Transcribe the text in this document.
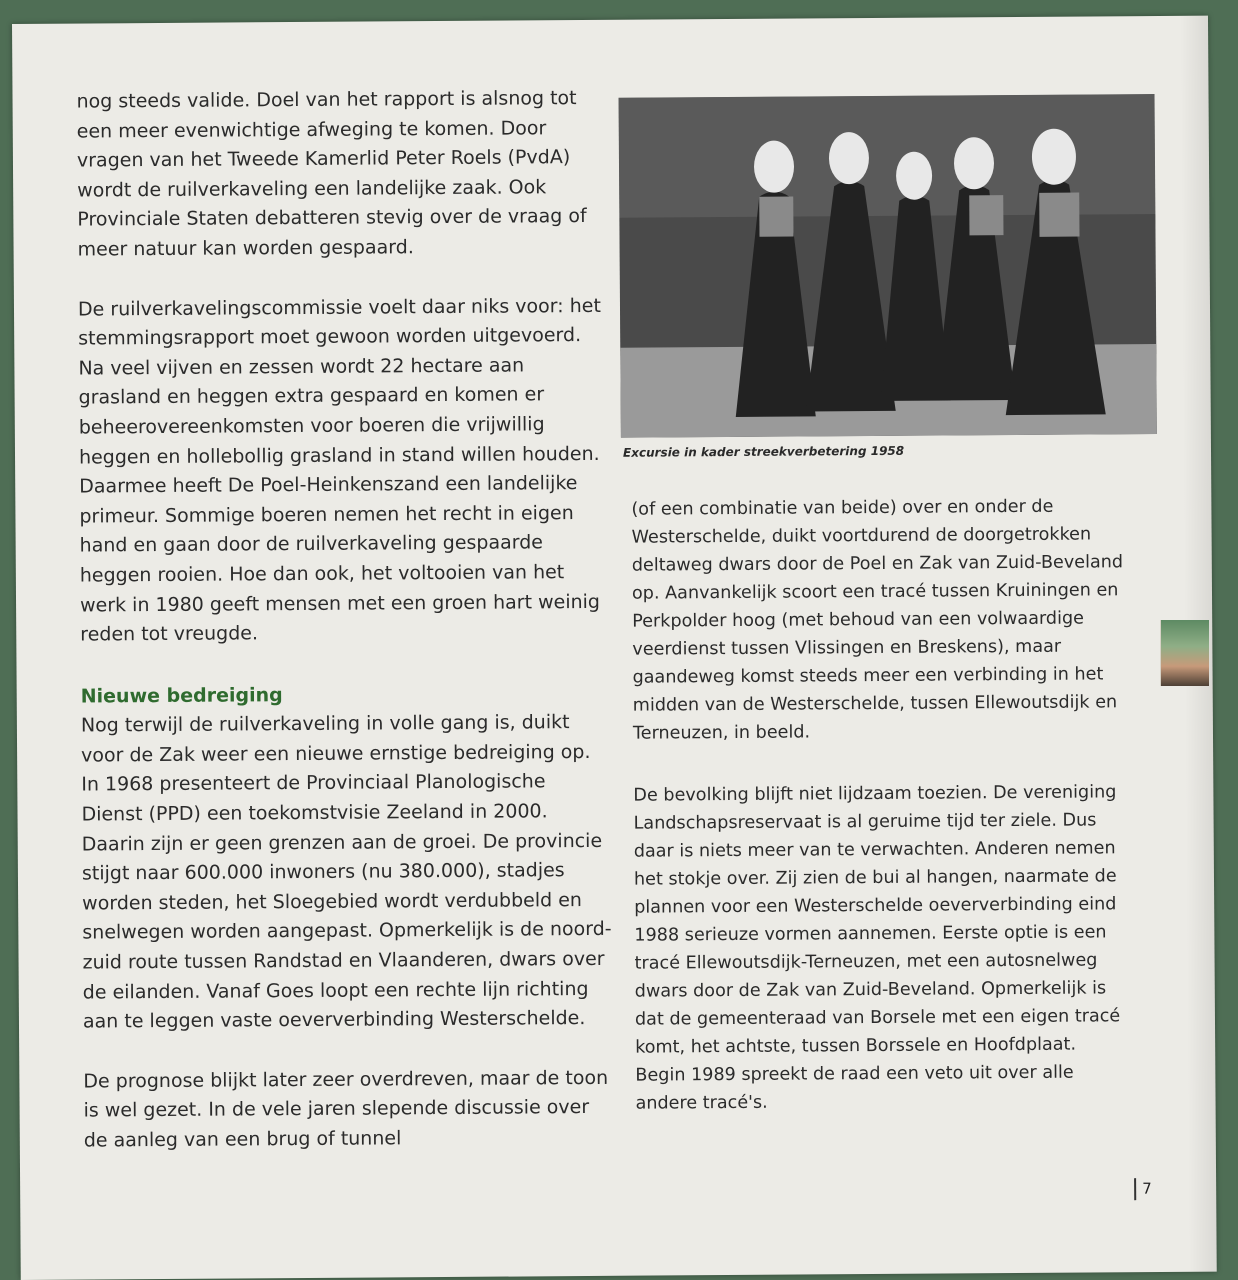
nog steeds valide. Doel van het rapport is alsnog tot een meer evenwichtige afweging te komen. Door vragen van het Tweede Kamerlid Peter Roels (PvdA) wordt de ruilverkaveling een landelijke zaak. Ook Provinciale Staten debatteren stevig over de vraag of meer natuur kan worden gespaard.

De ruilverkavelingscommissie voelt daar niks voor: het stemmingsrapport moet gewoon worden uitgevoerd. Na veel vijven en zessen wordt 22 hectare aan grasland en heggen extra gespaard en komen er beheerovereenkomsten voor boeren die vrijwillig heggen en hollebollig grasland in stand willen houden. Daarmee heeft De Poel-Heinkenszand een landelijke primeur. Sommige boeren nemen het recht in eigen hand en gaan door de ruilverkaveling gespaarde heggen rooien. Hoe dan ook, het voltooien van het werk in 1980 geeft mensen met een groen hart weinig reden tot vreugde.

Nieuwe bedreiging

Nog terwijl de ruilverkaveling in volle gang is, duikt voor de Zak weer een nieuwe ernstige bedreiging op. In 1968 presenteert de Provinciaal Planologische Dienst (PPD) een toekomstvisie Zeeland in 2000. Daarin zijn er geen grenzen aan de groei. De provincie stijgt naar 600.000 inwoners (nu 380.000), stadjes worden steden, het Sloegebied wordt verdubbeld en snelwegen worden aangepast. Opmerkelijk is de noord-zuid route tussen Randstad en Vlaanderen, dwars over de eilanden. Vanaf Goes loopt een rechte lijn richting aan te leggen vaste oeververbinding Westerschelde.

De prognose blijkt later zeer overdreven, maar de toon is wel gezet. In de vele jaren slepende discussie over de aanleg van een brug of tunnel

Excursie in kader streekverbetering 1958

(of een combinatie van beide) over en onder de Westerschelde, duikt voortdurend de doorgetrokken deltaweg dwars door de Poel en Zak van Zuid-Beveland op. Aanvankelijk scoort een tracé tussen Kruiningen en Perkpolder hoog (met behoud van een volwaardige veerdienst tussen Vlissingen en Breskens), maar gaandeweg komst steeds meer een verbinding in het midden van de Westerschelde, tussen Ellewoutsdijk en Terneuzen, in beeld.

De bevolking blijft niet lijdzaam toezien. De vereniging Landschapsreservaat is al geruime tijd ter ziele. Dus daar is niets meer van te verwachten. Anderen nemen het stokje over. Zij zien de bui al hangen, naarmate de plannen voor een Westerschelde oeververbinding eind 1988 serieuze vormen aannemen. Eerste optie is een tracé Ellewoutsdijk-Terneuzen, met een autosnelweg dwars door de Zak van Zuid-Beveland. Opmerkelijk is dat de gemeenteraad van Borsele met een eigen tracé komt, het achtste, tussen Borssele en Hoofdplaat. Begin 1989 spreekt de raad een veto uit over alle andere tracé's.

7
